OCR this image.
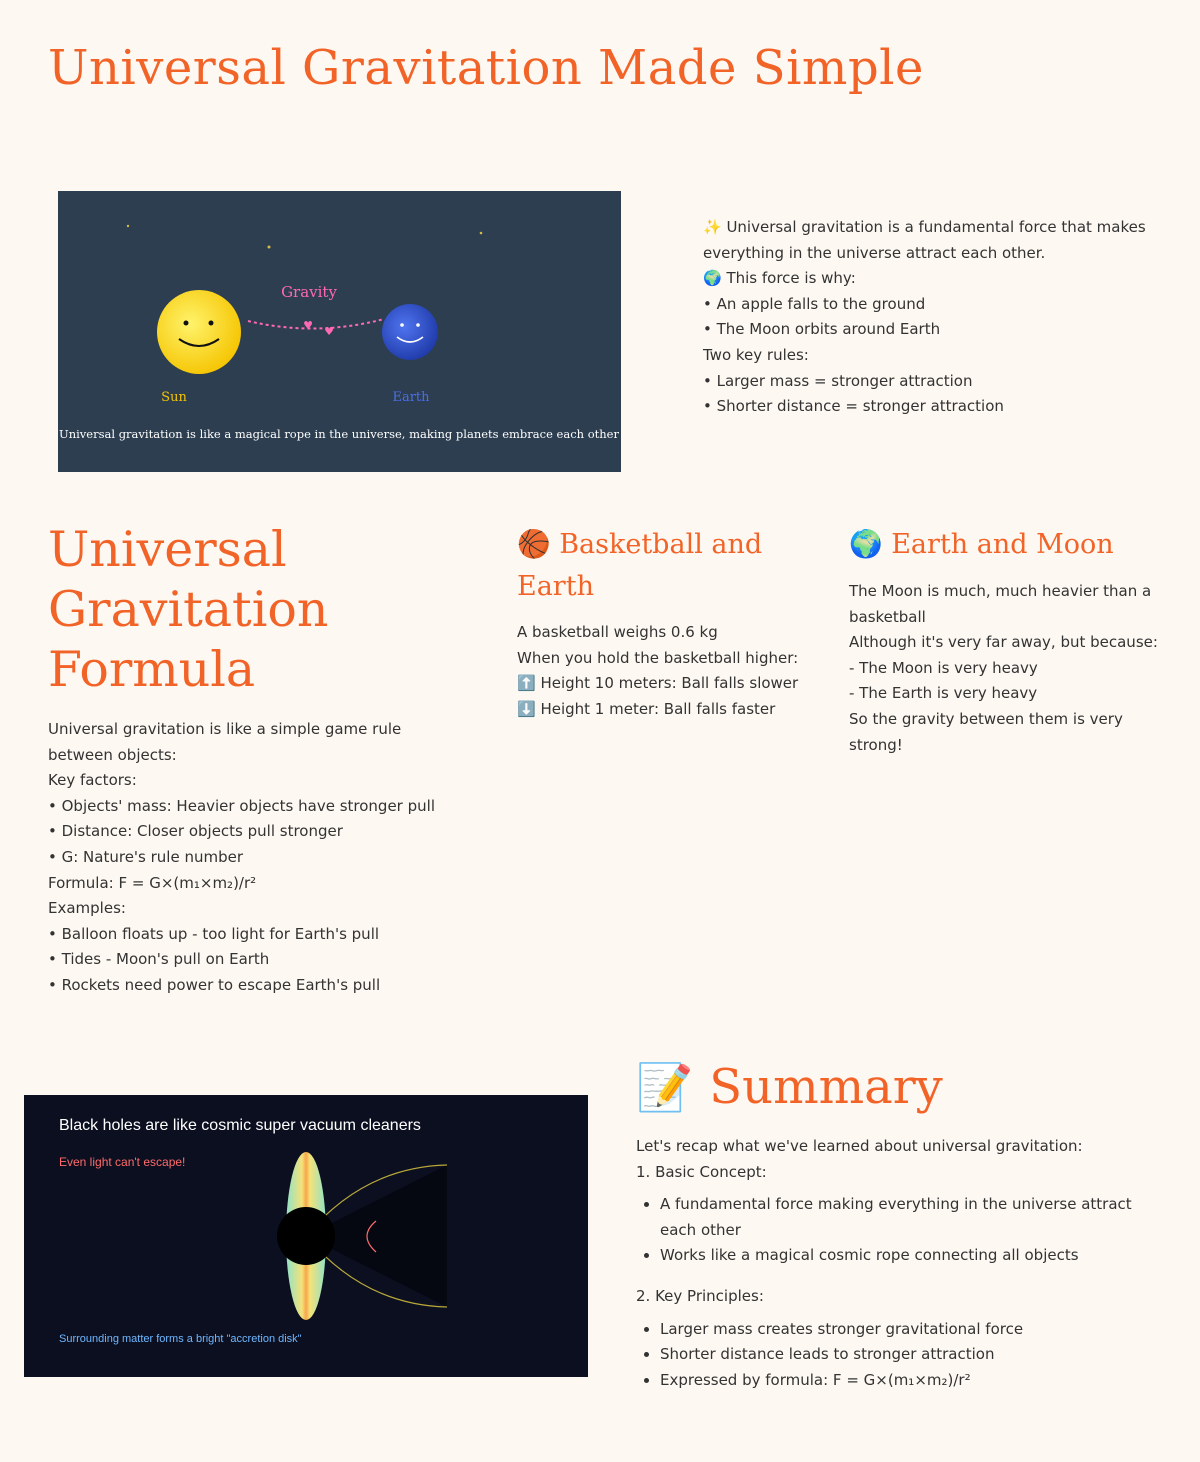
Universal Gravitation Made Simple
Gravity
♥ ♥
Sun	Earth
Universal gravitation is like a magical rope in the universe, making planets embrace each other
✨ Universal gravitation is a fundamental force that makes everything in the universe attract each other.
🌍 This force is why:
• An apple falls to the ground
• The Moon orbits around Earth
Two key rules:
• Larger mass = stronger attraction
• Shorter distance = stronger attraction
Universal Gravitation Formula
Universal gravitation is like a simple game rule between objects:
Key factors:
• Objects' mass: Heavier objects have stronger pull
• Distance: Closer objects pull stronger
• G: Nature's rule number
Formula: F = G×(m₁×m₂)/r²
Examples:
• Balloon floats up - too light for Earth's pull
• Tides - Moon's pull on Earth
• Rockets need power to escape Earth's pull
🏀 Basketball and Earth
A basketball weighs 0.6 kg
When you hold the basketball higher:
⬆️ Height 10 meters: Ball falls slower
⬇️ Height 1 meter: Ball falls faster
🌍 Earth and Moon
The Moon is much, much heavier than a basketball
Although it's very far away, but because:
- The Moon is very heavy
- The Earth is very heavy
So the gravity between them is very strong!
Black holes are like cosmic super vacuum cleaners
Even light can't escape!
Surrounding matter forms a bright "accretion disk"
📝 Summary
Let's recap what we've learned about universal gravitation:
1. Basic Concept:
• A fundamental force making everything in the universe attract each other
• Works like a magical cosmic rope connecting all objects
2. Key Principles:
• Larger mass creates stronger gravitational force
• Shorter distance leads to stronger attraction
• Expressed by formula: F = G×(m₁×m₂)/r²
